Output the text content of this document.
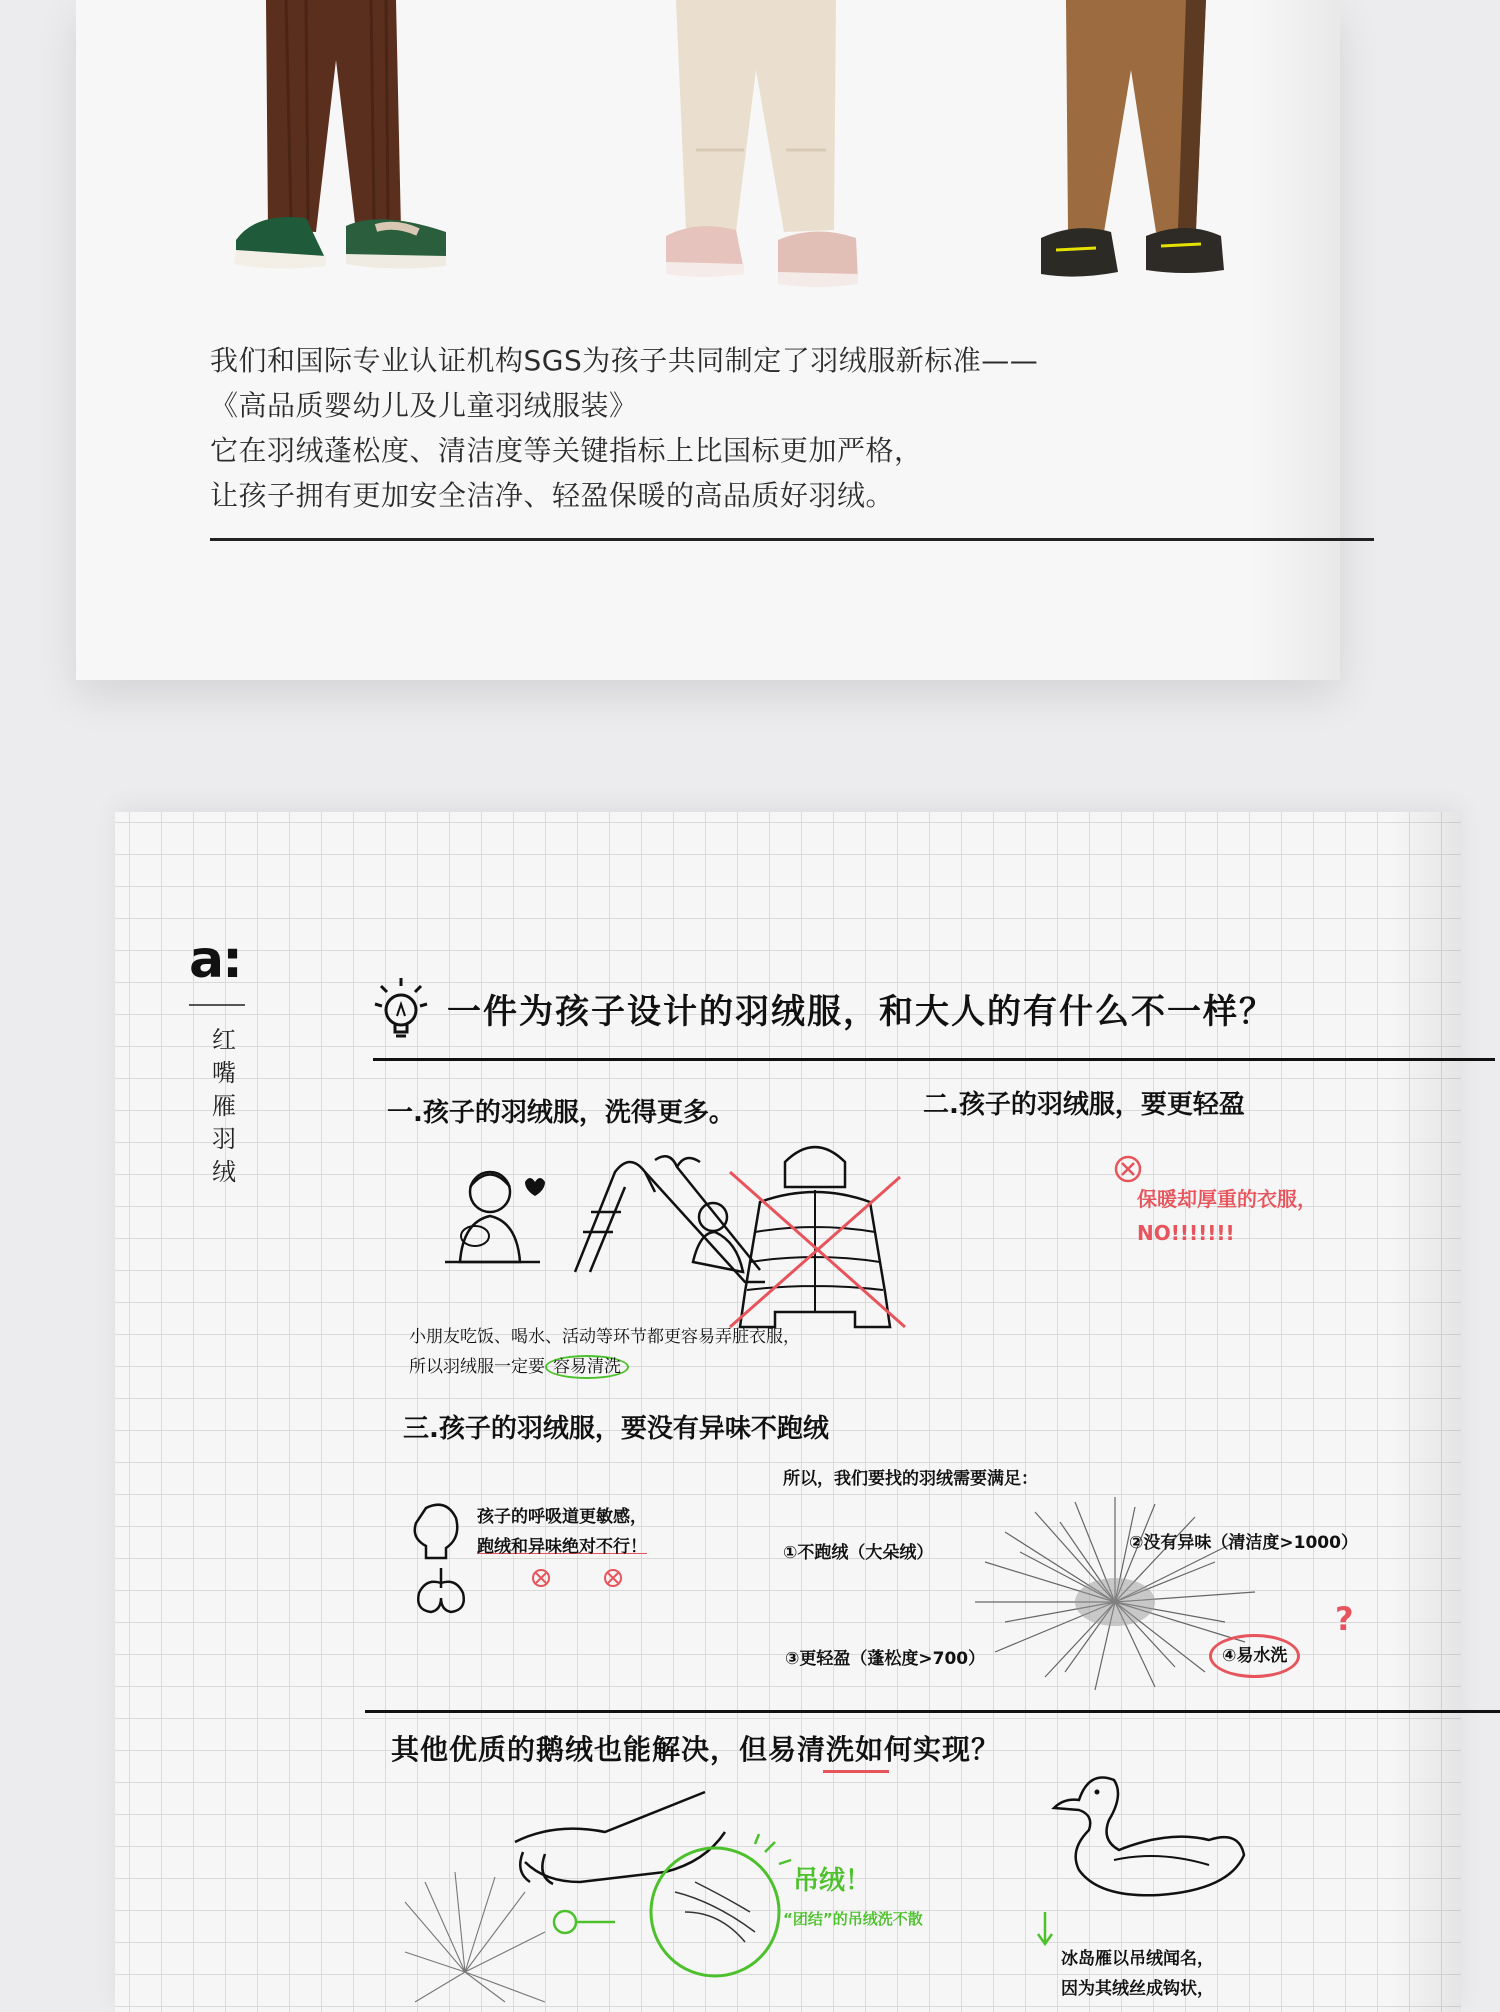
我们和国际专业认证机构SGS为孩子共同制定了羽绒服新标准——

《高品质婴幼儿及儿童羽绒服装》

它在羽绒蓬松度、清洁度等关键指标上比国标更加严格，

让孩子拥有更加安全洁净、轻盈保暖的高品质好羽绒。

a:
红
嘴
雁
羽
绒
一件为孩子设计的羽绒服，和大人的有什么不一样？
一.孩子的羽绒服，洗得更多。
小朋友吃饭、喝水、活动等环节都更容易弄脏衣服，
所以羽绒服一定要 容易清洗
二.孩子的羽绒服，要更轻盈
保暖却厚重的衣服，
NO!!!!!!!
三.孩子的羽绒服，要没有异味不跑绒
孩子的呼吸道更敏感，
跑绒和异味绝对不行！
所以，我们要找的羽绒需要满足：
①不跑绒（大朵绒）	②没有异味（清洁度>1000）
③更轻盈（蓬松度>700）	④易水洗
?
其他优质的鹅绒也能解决，但易清洗如何实现？
吊绒！
“团结”的吊绒洗不散
冰岛雁以吊绒闻名，
因为其绒丝成钩状，
